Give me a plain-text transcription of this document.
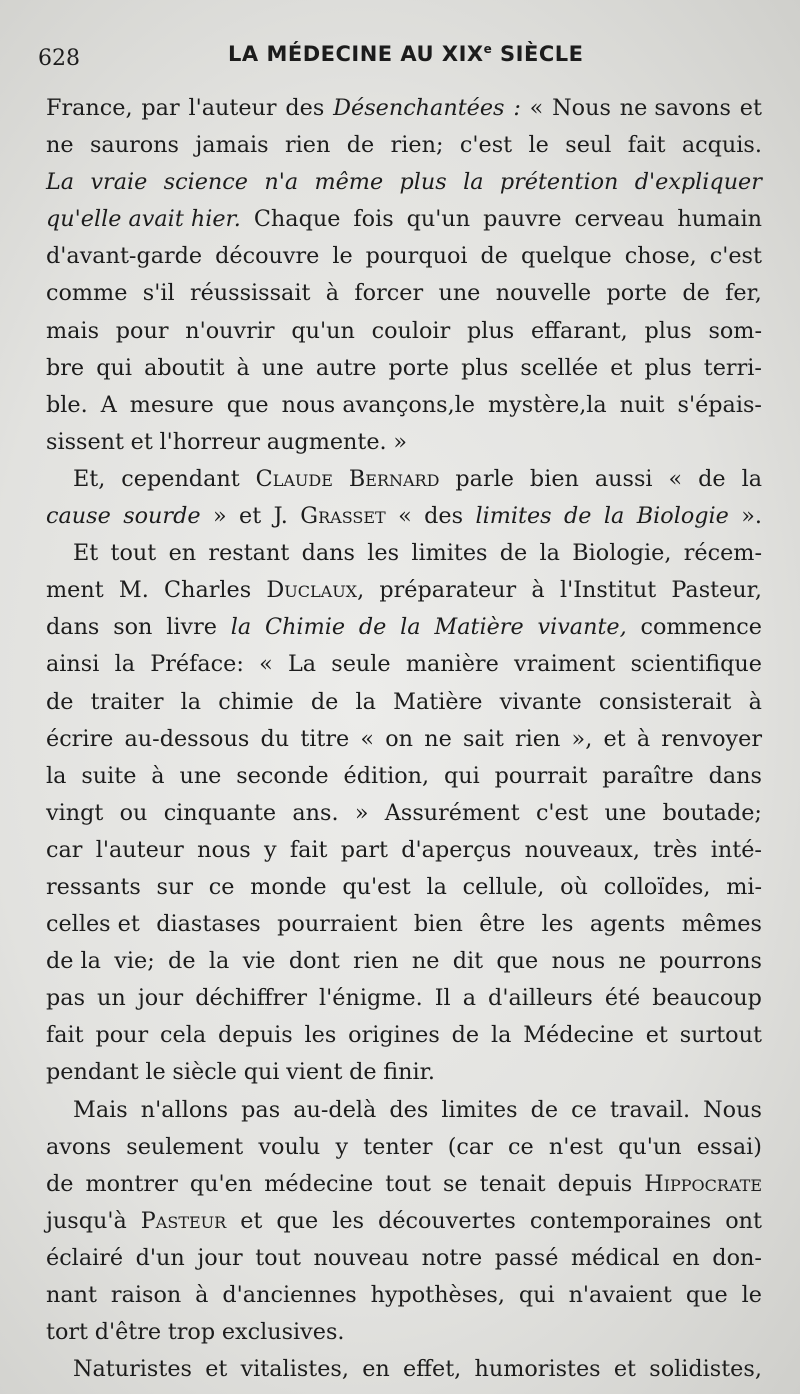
628	LA MÉDECINE AU XIXe SIÈCLE
France, par l'auteur des Désenchantées : « Nous ne savons et
ne saurons jamais rien de rien; c'est le seul fait acquis.
La vraie science n'a même plus la prétention d'expliquer
qu'elle avait hier. Chaque fois qu'un pauvre cerveau humain
d'avant-garde découvre le pourquoi de quelque chose, c'est
comme s'il réussissait à forcer une nouvelle porte de fer,
mais pour n'ouvrir qu'un couloir plus effarant, plus som-
bre qui aboutit à une autre porte plus scellée et plus terri-
ble. A mesure que nous avançons,le mystère,la nuit s'épais-
sissent et l'horreur augmente. »
Et, cependant Claude Bernard parle bien aussi « de la
cause sourde » et J. Grasset « des limites de la Biologie ».
Et tout en restant dans les limites de la Biologie, récem-
ment M. Charles Duclaux, préparateur à l'Institut Pasteur,
dans son livre la Chimie de la Matière vivante, commence
ainsi la Préface: « La seule manière vraiment scientifique
de traiter la chimie de la Matière vivante consisterait à
écrire au-dessous du titre « on ne sait rien », et à renvoyer
la suite à une seconde édition, qui pourrait paraître dans
vingt ou cinquante ans. » Assurément c'est une boutade;
car l'auteur nous y fait part d'aperçus nouveaux, très inté-
ressants sur ce monde qu'est la cellule, où colloïdes, mi-
celles et diastases pourraient bien être les agents mêmes
de la vie; de la vie dont rien ne dit que nous ne pourrons
pas un jour déchiffrer l'énigme. Il a d'ailleurs été beaucoup
fait pour cela depuis les origines de la Médecine et surtout
pendant le siècle qui vient de finir.
Mais n'allons pas au-delà des limites de ce travail. Nous
avons seulement voulu y tenter (car ce n'est qu'un essai)
de montrer qu'en médecine tout se tenait depuis Hippocrate
jusqu'à Pasteur et que les découvertes contemporaines ont
éclairé d'un jour tout nouveau notre passé médical en don-
nant raison à d'anciennes hypothèses, qui n'avaient que le
tort d'être trop exclusives.
Naturistes et vitalistes, en effet, humoristes et solidistes,
